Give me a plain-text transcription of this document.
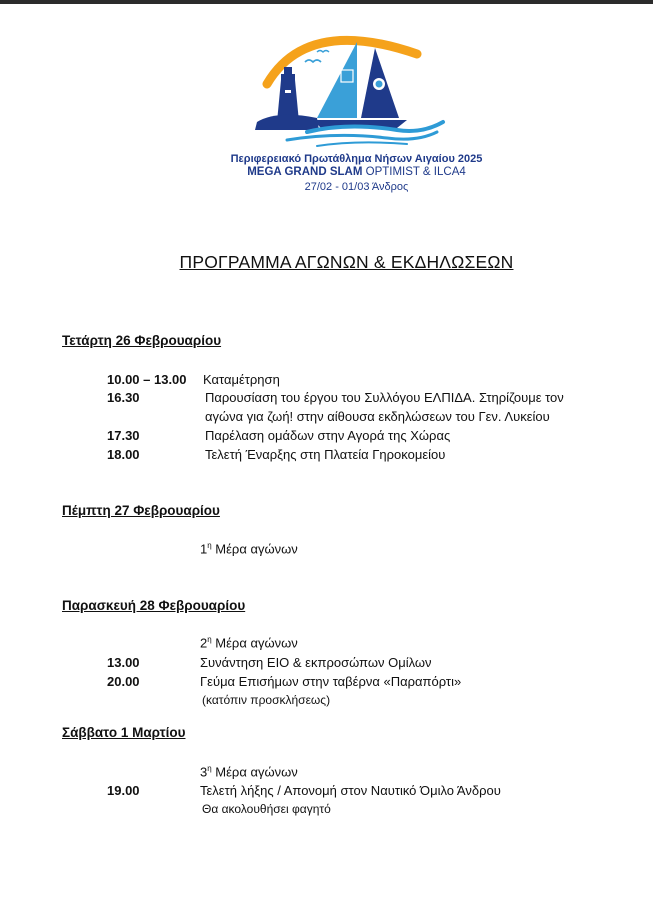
Περιφερειακό Πρωτάθλημα Νήσων Αιγαίου 2025
MEGA GRAND SLAM OPTIMIST & ILCA4
27/02 - 01/03 Άνδρος
ΠΡΟΓΡΑΜΜΑ ΑΓΩΝΩΝ & ΕΚΔΗΛΩΣΕΩΝ
Τετάρτη 26 Φεβρουαρίου
10.00 – 13.00 Καταμέτρηση
16.30	Παρουσίαση του έργου του Συλλόγου ΕΛΠΙΔΑ. Στηρίζουμε τον
αγώνα για ζωή! στην αίθουσα εκδηλώσεων του Γεν. Λυκείου
17.30	Παρέλαση ομάδων στην Αγορά της Χώρας
18.00	Τελετή Έναρξης στη Πλατεία Γηροκομείου
Πέμπτη 27 Φεβρουαρίου
$1^\eta$ Μέρα αγώνων
Παρασκευή 28 Φεβρουαρίου
$2^\eta$ Μέρα αγώνων
13.00	Συνάντηση ΕΙΟ & εκπροσώπων Ομίλων
20.00	Γεύμα Επισήμων στην ταβέρνα «Παραπόρτι»
(κατόπιν προσκλήσεως)
Σάββατο 1 Μαρτίου
$3^\eta$ Μέρα αγώνων
19.00	Τελετή λήξης / Απονομή στον Ναυτικό Όμιλο Άνδρου
Θα ακολουθήσει φαγητό
